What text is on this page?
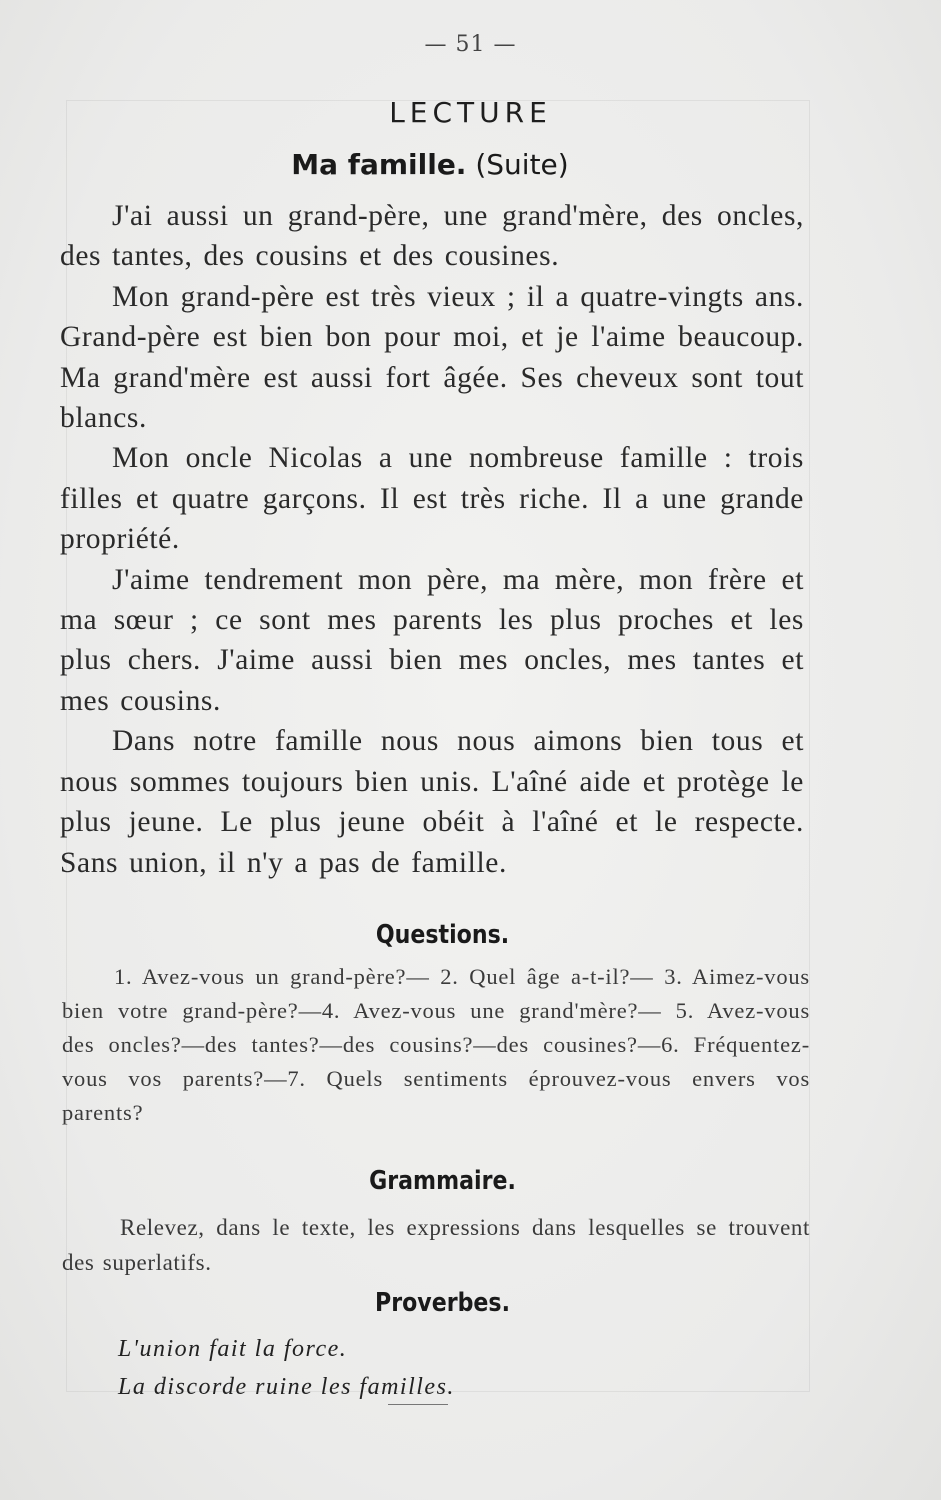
— 51 —
LECTURE
Ma famille. (Suite)

J'ai aussi un grand-père, une grand'mère, des oncles, des tantes, des cousins et des cousines.

Mon grand-père est très vieux ; il a quatre-vingts ans. Grand-père est bien bon pour moi, et je l'aime beaucoup. Ma grand'mère est aussi fort âgée. Ses cheveux sont tout blancs.

Mon oncle Nicolas a une nombreuse famille : trois filles et quatre garçons. Il est très riche. Il a une grande propriété.

J'aime tendrement mon père, ma mère, mon frère et ma sœur ; ce sont mes parents les plus proches et les plus chers. J'aime aussi bien mes oncles, mes tantes et mes cousins.

Dans notre famille nous nous aimons bien tous et nous sommes toujours bien unis. L'aîné aide et protège le plus jeune. Le plus jeune obéit à l'aîné et le respecte. Sans union, il n'y a pas de famille.

Questions.

1. Avez-vous un grand-père?— 2. Quel âge a-t-il?— 3. Aimez-vous bien votre grand-père?—4. Avez-vous une grand'mère?— 5. Avez-vous des oncles?—des tantes?—des cousins?—des cousines?—6. Fréquentez-vous vos parents?—7. Quels sentiments éprouvez-vous envers vos parents?

Grammaire.

Relevez, dans le texte, les expressions dans lesquelles se trouvent des superlatifs.

Proverbes.
L'union fait la force.
La discorde ruine les familles.
